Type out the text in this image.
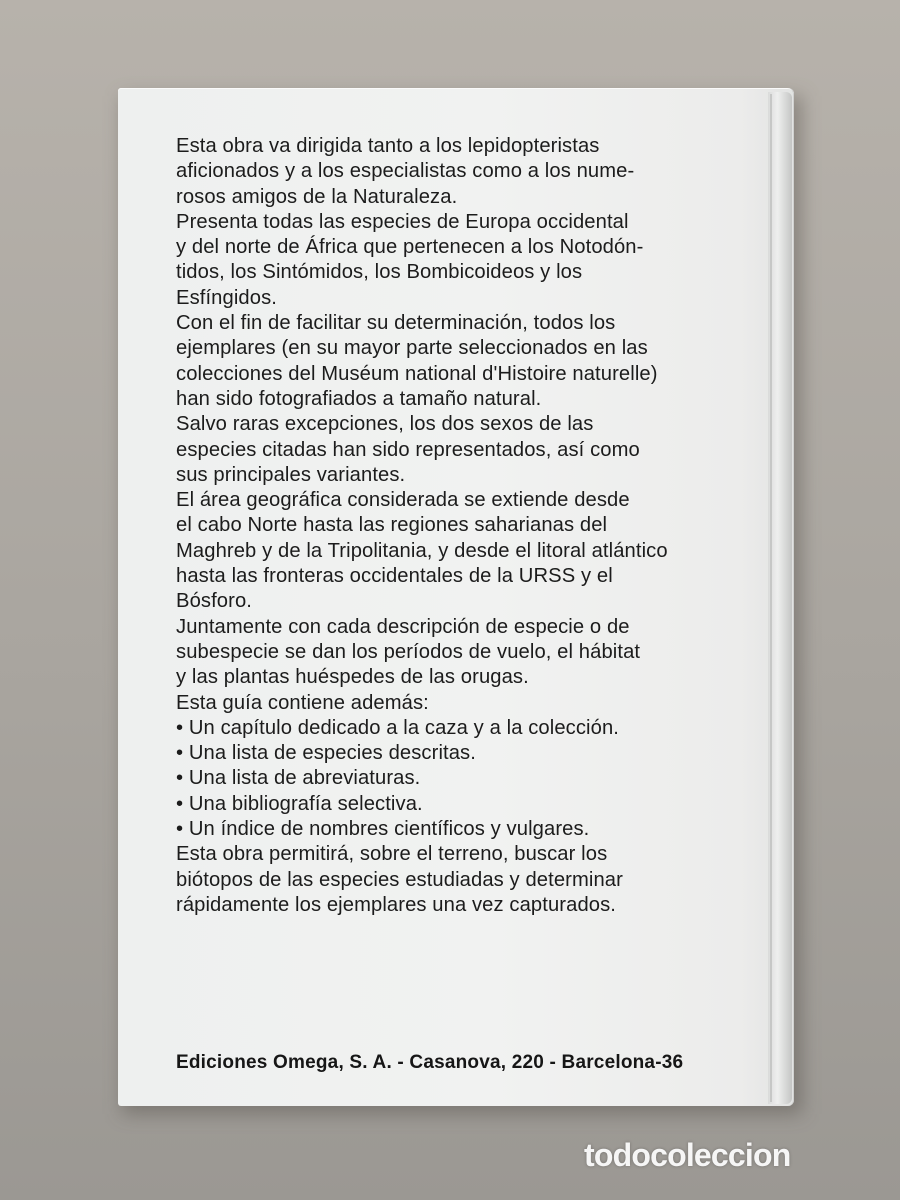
Esta obra va dirigida tanto a los lepidopteristas
aficionados y a los especialistas como a los nume-
rosos amigos de la Naturaleza.
Presenta todas las especies de Europa occidental
y del norte de África que pertenecen a los Notodón-
tidos, los Sintómidos, los Bombicoideos y los
Esfíngidos.
Con el fin de facilitar su determinación, todos los
ejemplares (en su mayor parte seleccionados en las
colecciones del Muséum national d'Histoire naturelle)
han sido fotografiados a tamaño natural.
Salvo raras excepciones, los dos sexos de las
especies citadas han sido representados, así como
sus principales variantes.
El área geográfica considerada se extiende desde
el cabo Norte hasta las regiones saharianas del
Maghreb y de la Tripolitania, y desde el litoral atlántico
hasta las fronteras occidentales de la URSS y el
Bósforo.
Juntamente con cada descripción de especie o de
subespecie se dan los períodos de vuelo, el hábitat
y las plantas huéspedes de las orugas.
Esta guía contiene además:
• Un capítulo dedicado a la caza y a la colección.
• Una lista de especies descritas.
• Una lista de abreviaturas.
• Una bibliografía selectiva.
• Un índice de nombres científicos y vulgares.
Esta obra permitirá, sobre el terreno, buscar los
biótopos de las especies estudiadas y determinar
rápidamente los ejemplares una vez capturados.

Ediciones Omega, S. A. - Casanova, 220 - Barcelona-36

todocoleccion
